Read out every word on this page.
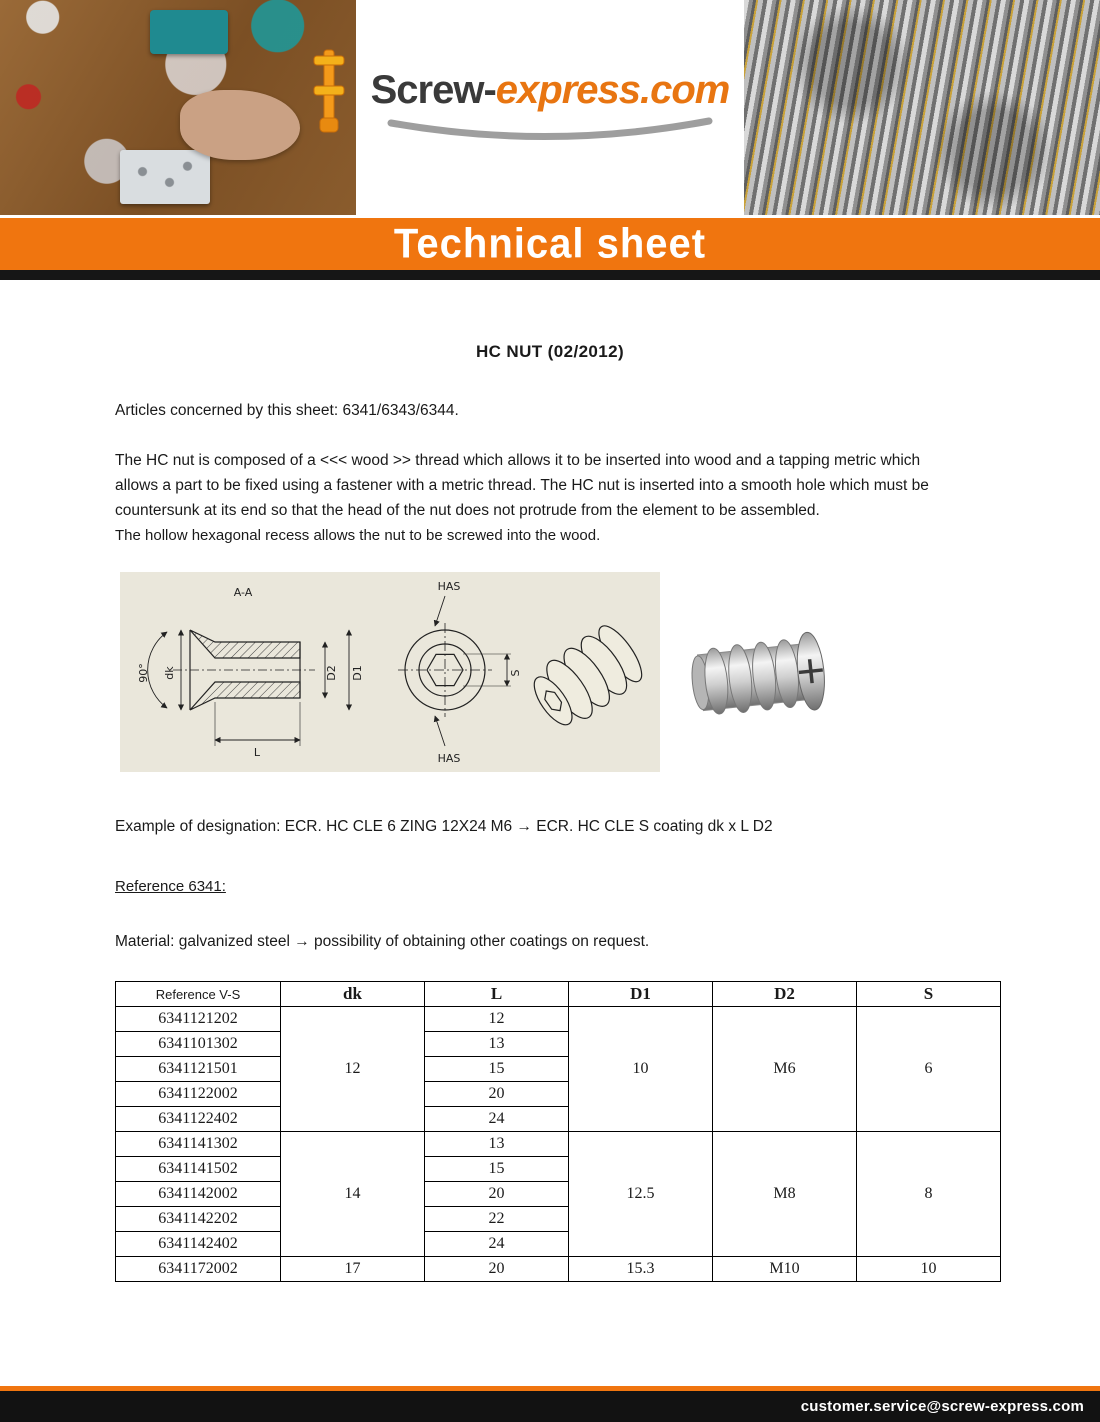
Screw-express.com
Technical sheet
HC NUT (02/2012)

Articles concerned by this sheet: 6341/6343/6344.

The HC nut is composed of a <<< wood >> thread which allows it to be inserted into wood and a tapping metric which allows a part to be fixed using a fastener with a metric thread. The HC nut is inserted into a smooth hole which must be countersunk at its end so that the head of the nut does not protrude from the element to be assembled.

The hollow hexagonal recess allows the nut to be screwed into the wood.

A-A
90° dk	D2 D1
L
HAS
HAS
S

Example of designation: ECR. HC CLE 6 ZING 12X24 M6 → ECR. HC CLE S coating dk x L D2

Reference 6341:

Material: galvanized steel → possibility of obtaining other coatings on request.

Reference V-S	dk	L	D1	D2	S
6341121202	12	12	10	M6	6
6341101302		13			
6341121501		15			
6341122002		20			
6341122402		24			
6341141302	14	13	12.5	M8	8
6341141502		15			
6341142002		20			
6341142202		22			
6341142402		24			
6341172002	17	20	15.3	M10	10
customer.service@screw-express.com
